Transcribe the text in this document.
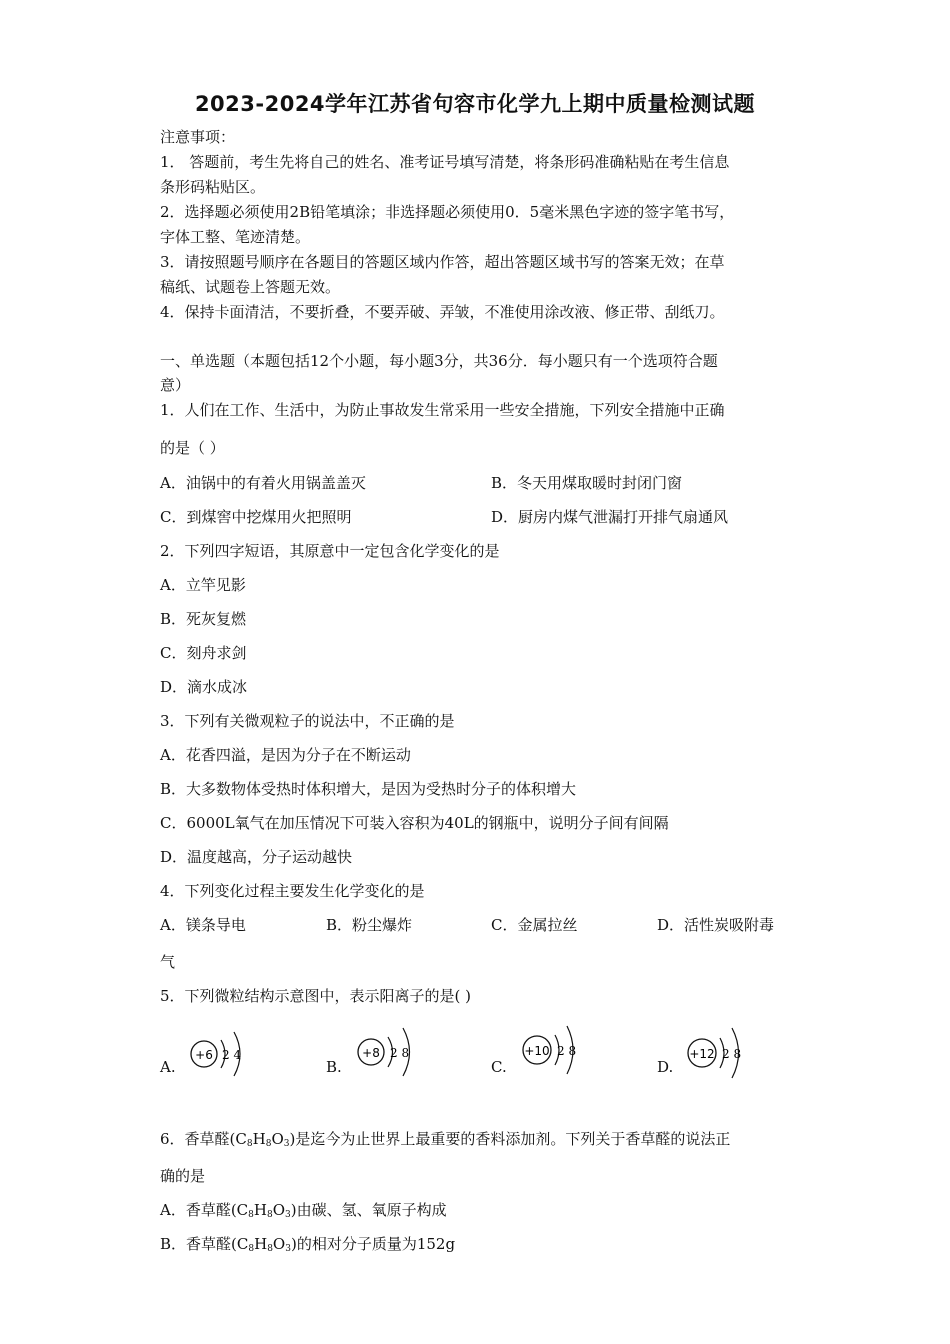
2023-2024学年江苏省句容市化学九上期中质量检测试题
注意事项：
1． 答题前，考生先将自己的姓名、准考证号填写清楚，将条形码准确粘贴在考生信息
条形码粘贴区。
2．选择题必须使用2B铅笔填涂；非选择题必须使用0．5毫米黑色字迹的签字笔书写，
字体工整、笔迹清楚。
3．请按照题号顺序在各题目的答题区域内作答，超出答题区域书写的答案无效；在草
稿纸、试题卷上答题无效。
4．保持卡面清洁，不要折叠，不要弄破、弄皱，不准使用涂改液、修正带、刮纸刀。
一、单选题（本题包括12个小题，每小题3分，共36分．每小题只有一个选项符合题
意）
1．人们在工作、生活中，为防止事故发生常采用一些安全措施，下列安全措施中正确
的是（ ）
A．油锅中的有着火用锅盖盖灭	B．冬天用煤取暖时封闭门窗
C．到煤窖中挖煤用火把照明	D．厨房内煤气泄漏打开排气扇通风
2．下列四字短语，其原意中一定包含化学变化的是
A．立竿见影
B．死灰复燃
C．刻舟求剑
D．滴水成冰
3．下列有关微观粒子的说法中，不正确的是
A．花香四溢，是因为分子在不断运动
B．大多数物体受热时体积增大，是因为受热时分子的体积增大
C．6000L氧气在加压情况下可装入容积为40L的钢瓶中，说明分子间有间隔
D．温度越高，分子运动越快
4．下列变化过程主要发生化学变化的是
A．镁条导电	B．粉尘爆炸	C．金属拉丝	D．活性炭吸附毒
气
5．下列微粒结构示意图中，表示阳离子的是( )
A.
+6 2 4
B.
+8 2 8
C.
+10 2 8
D.
+12 2 8
6．香草醛$(C_8H_8O_3)$是迄今为止世界上最重要的香料添加剂。下列关于香草醛的说法正
确的是
A．香草醛$(C_8H_8O_3)$由碳、氢、氧原子构成
B．香草醛$(C_8H_8O_3)$的相对分子质量为152g
